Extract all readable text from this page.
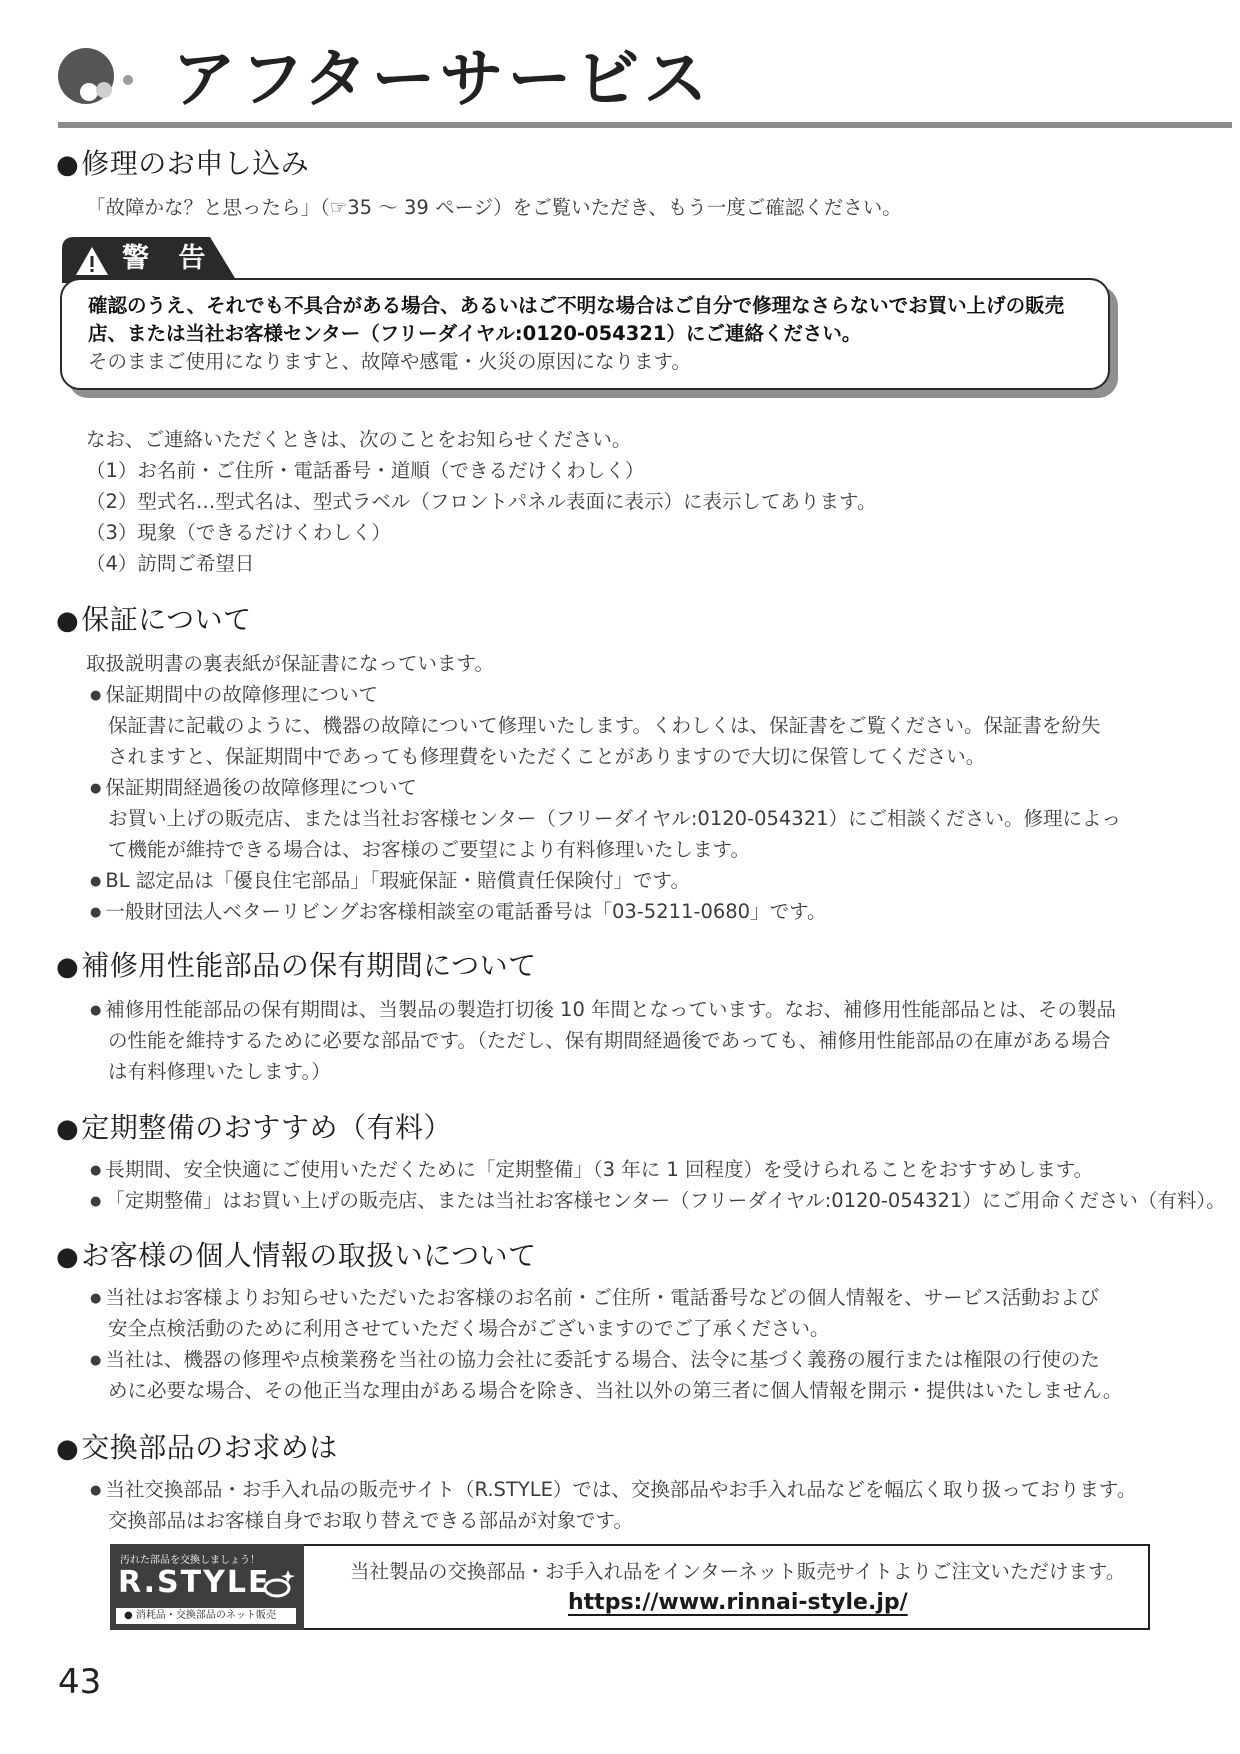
アフターサービス
●修理のお申し込み
「故障かな？と思ったら」（☞35 〜 39 ページ）をご覧いただき、もう一度ご確認ください。
警 告
確認のうえ、それでも不具合がある場合、あるいはご不明な場合はご自分で修理なさらないでお買い上げの販売
店、または当社お客様センター（フリーダイヤル:0120-054321）にご連絡ください。
そのままご使用になりますと、故障や感電・火災の原因になります。
なお、ご連絡いただくときは、次のことをお知らせください。
（1）お名前・ご住所・電話番号・道順（できるだけくわしく）
（2）型式名…型式名は、型式ラベル（フロントパネル表面に表示）に表示してあります。
（3）現象（できるだけくわしく）
（4）訪問ご希望日
●保証について
取扱説明書の裏表紙が保証書になっています。
● 保証期間中の故障修理について
保証書に記載のように、機器の故障について修理いたします。くわしくは、保証書をご覧ください。保証書を紛失
されますと、保証期間中であっても修理費をいただくことがありますので大切に保管してください。
● 保証期間経過後の故障修理について
お買い上げの販売店、または当社お客様センター（フリーダイヤル:0120-054321）にご相談ください。修理によっ
て機能が維持できる場合は、お客様のご要望により有料修理いたします。
● BL 認定品は「優良住宅部品」「瑕疵保証・賠償責任保険付」です。
● 一般財団法人ベターリビングお客様相談室の電話番号は「03-5211-0680」です。
●補修用性能部品の保有期間について
● 補修用性能部品の保有期間は、当製品の製造打切後 10 年間となっています。なお、補修用性能部品とは、その製品
の性能を維持するために必要な部品です。（ただし、保有期間経過後であっても、補修用性能部品の在庫がある場合
は有料修理いたします。）
●定期整備のおすすめ（有料）
● 長期間、安全快適にご使用いただくために「定期整備」（3 年に 1 回程度）を受けられることをおすすめします。
● 「定期整備」はお買い上げの販売店、または当社お客様センター（フリーダイヤル:0120-054321）にご用命ください（有料）。
●お客様の個人情報の取扱いについて
● 当社はお客様よりお知らせいただいたお客様のお名前・ご住所・電話番号などの個人情報を、サービス活動および
安全点検活動のために利用させていただく場合がございますのでご了承ください。
● 当社は、機器の修理や点検業務を当社の協力会社に委託する場合、法令に基づく義務の履行または権限の行使のた
めに必要な場合、その他正当な理由がある場合を除き、当社以外の第三者に個人情報を開示・提供はいたしません。
●交換部品のお求めは
● 当社交換部品・お手入れ品の販売サイト（R.STYLE）では、交換部品やお手入れ品などを幅広く取り扱っております。
交換部品はお客様自身でお取り替えできる部品が対象です。
汚れた部品を交換しましょう！
R.STYLE
● 消耗品・交換部品のネット販売
当社製品の交換部品・お手入れ品をインターネット販売サイトよりご注文いただけます。
https://www.rinnai-style.jp/
43
